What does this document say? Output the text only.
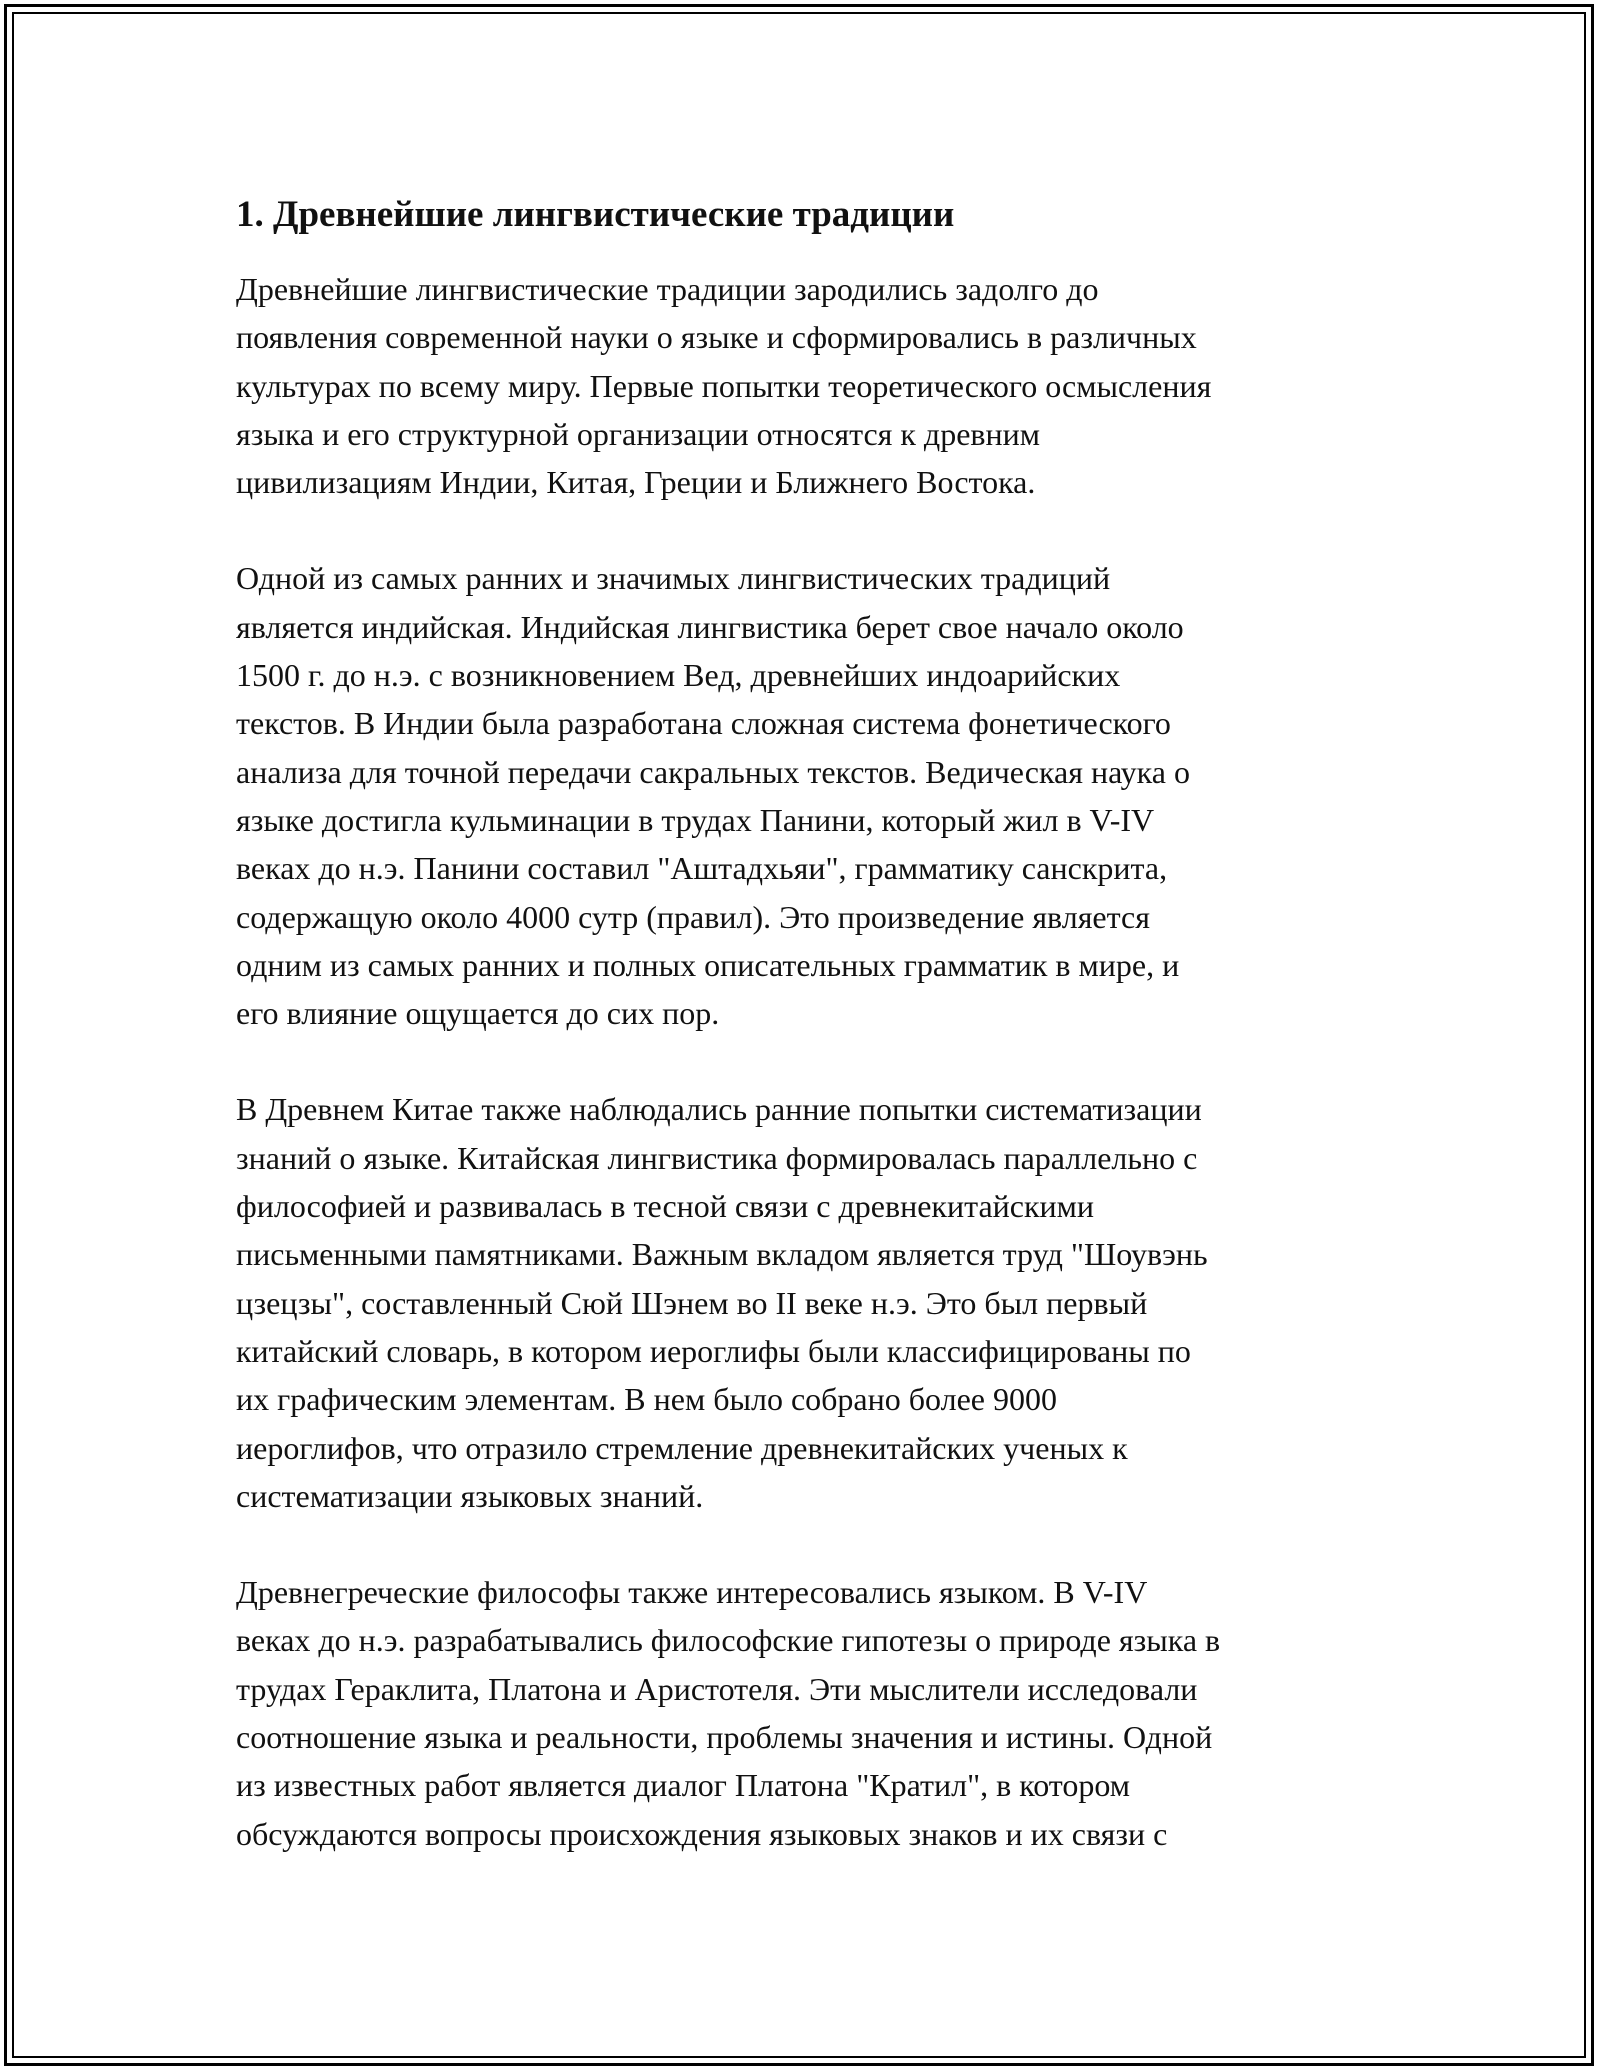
1. Древнейшие лингвистические традиции

Древнейшие лингвистические традиции зародились задолго до
появления современной науки о языке и сформировались в различных
культурах по всему миру. Первые попытки теоретического осмысления
языка и его структурной организации относятся к древним
цивилизациям Индии, Китая, Греции и Ближнего Востока.

Одной из самых ранних и значимых лингвистических традиций
является индийская. Индийская лингвистика берет свое начало около
1500 г. до н.э. с возникновением Вед, древнейших индоарийских
текстов. В Индии была разработана сложная система фонетического
анализа для точной передачи сакральных текстов. Ведическая наука о
языке достигла кульминации в трудах Панини, который жил в V-IV
веках до н.э. Панини составил "Аштадхьяи", грамматику санскрита,
содержащую около 4000 сутр (правил). Это произведение является
одним из самых ранних и полных описательных грамматик в мире, и
его влияние ощущается до сих пор.

В Древнем Китае также наблюдались ранние попытки систематизации
знаний о языке. Китайская лингвистика формировалась параллельно с
философией и развивалась в тесной связи с древнекитайскими
письменными памятниками. Важным вкладом является труд "Шоувэнь
цзецзы", составленный Сюй Шэнем во II веке н.э. Это был первый
китайский словарь, в котором иероглифы были классифицированы по
их графическим элементам. В нем было собрано более 9000
иероглифов, что отразило стремление древнекитайских ученых к
систематизации языковых знаний.

Древнегреческие философы также интересовались языком. В V-IV
веках до н.э. разрабатывались философские гипотезы о природе языка в
трудах Гераклита, Платона и Аристотеля. Эти мыслители исследовали
соотношение языка и реальности, проблемы значения и истины. Одной
из известных работ является диалог Платона "Кратил", в котором
обсуждаются вопросы происхождения языковых знаков и их связи с
